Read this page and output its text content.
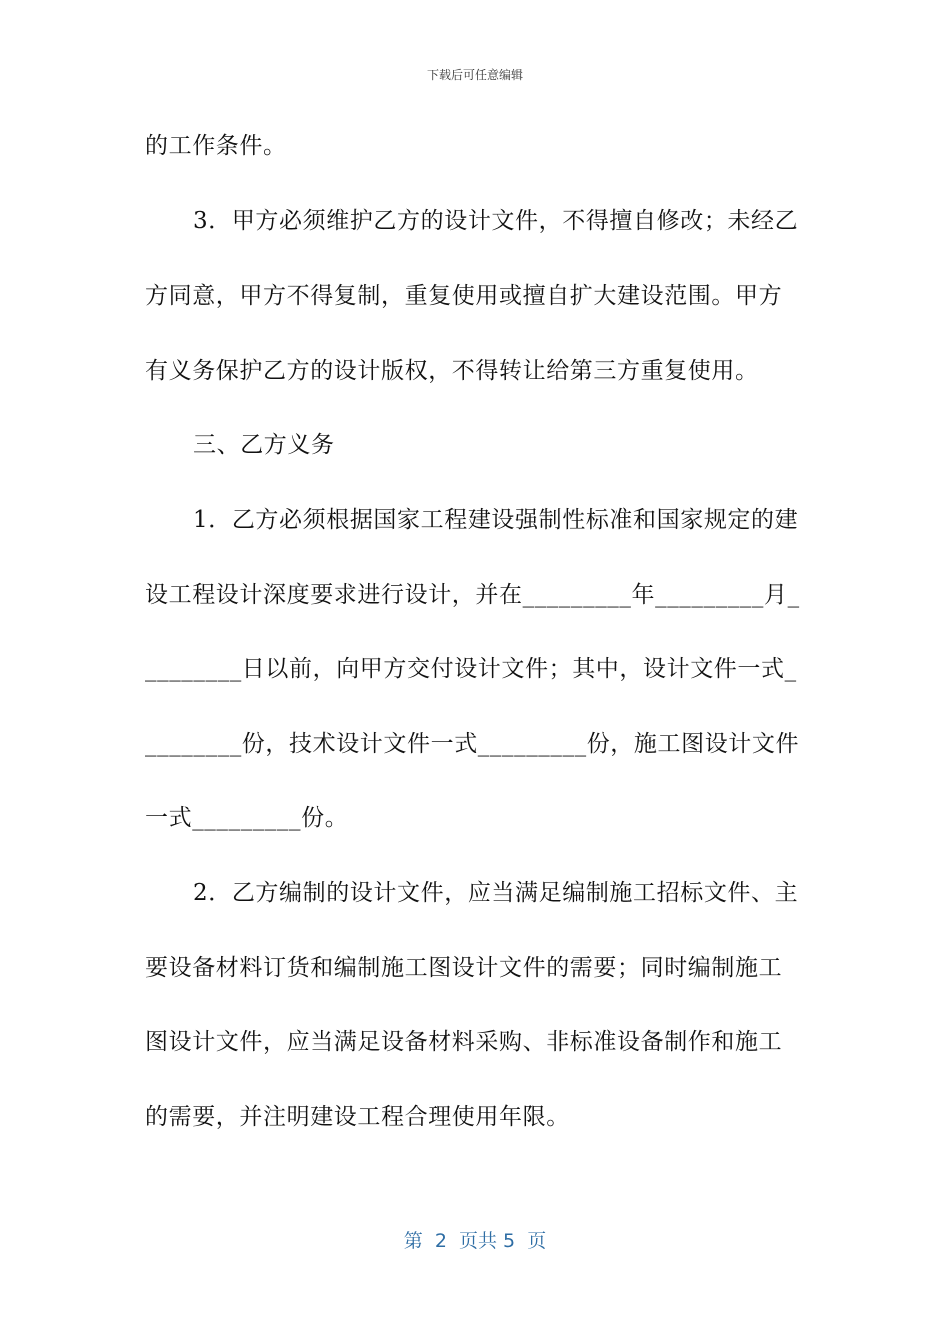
下载后可任意编辑
的工作条件。
3．甲方必须维护乙方的设计文件，不得擅自修改；未经乙
方同意，甲方不得复制，重复使用或擅自扩大建设范围。甲方
有义务保护乙方的设计版权，不得转让给第三方重复使用。
三、乙方义务
1．乙方必须根据国家工程建设强制性标准和国家规定的建
设工程设计深度要求进行设计，并在_________年_________月_
________日以前，向甲方交付设计文件；其中，设计文件一式_
________份，技术设计文件一式_________份，施工图设计文件
一式_________份。
2．乙方编制的设计文件，应当满足编制施工招标文件、主
要设备材料订货和编制施工图设计文件的需要；同时编制施工
图设计文件，应当满足设备材料采购、非标准设备制作和施工
的需要，并注明建设工程合理使用年限。
第  2  页共 5  页
